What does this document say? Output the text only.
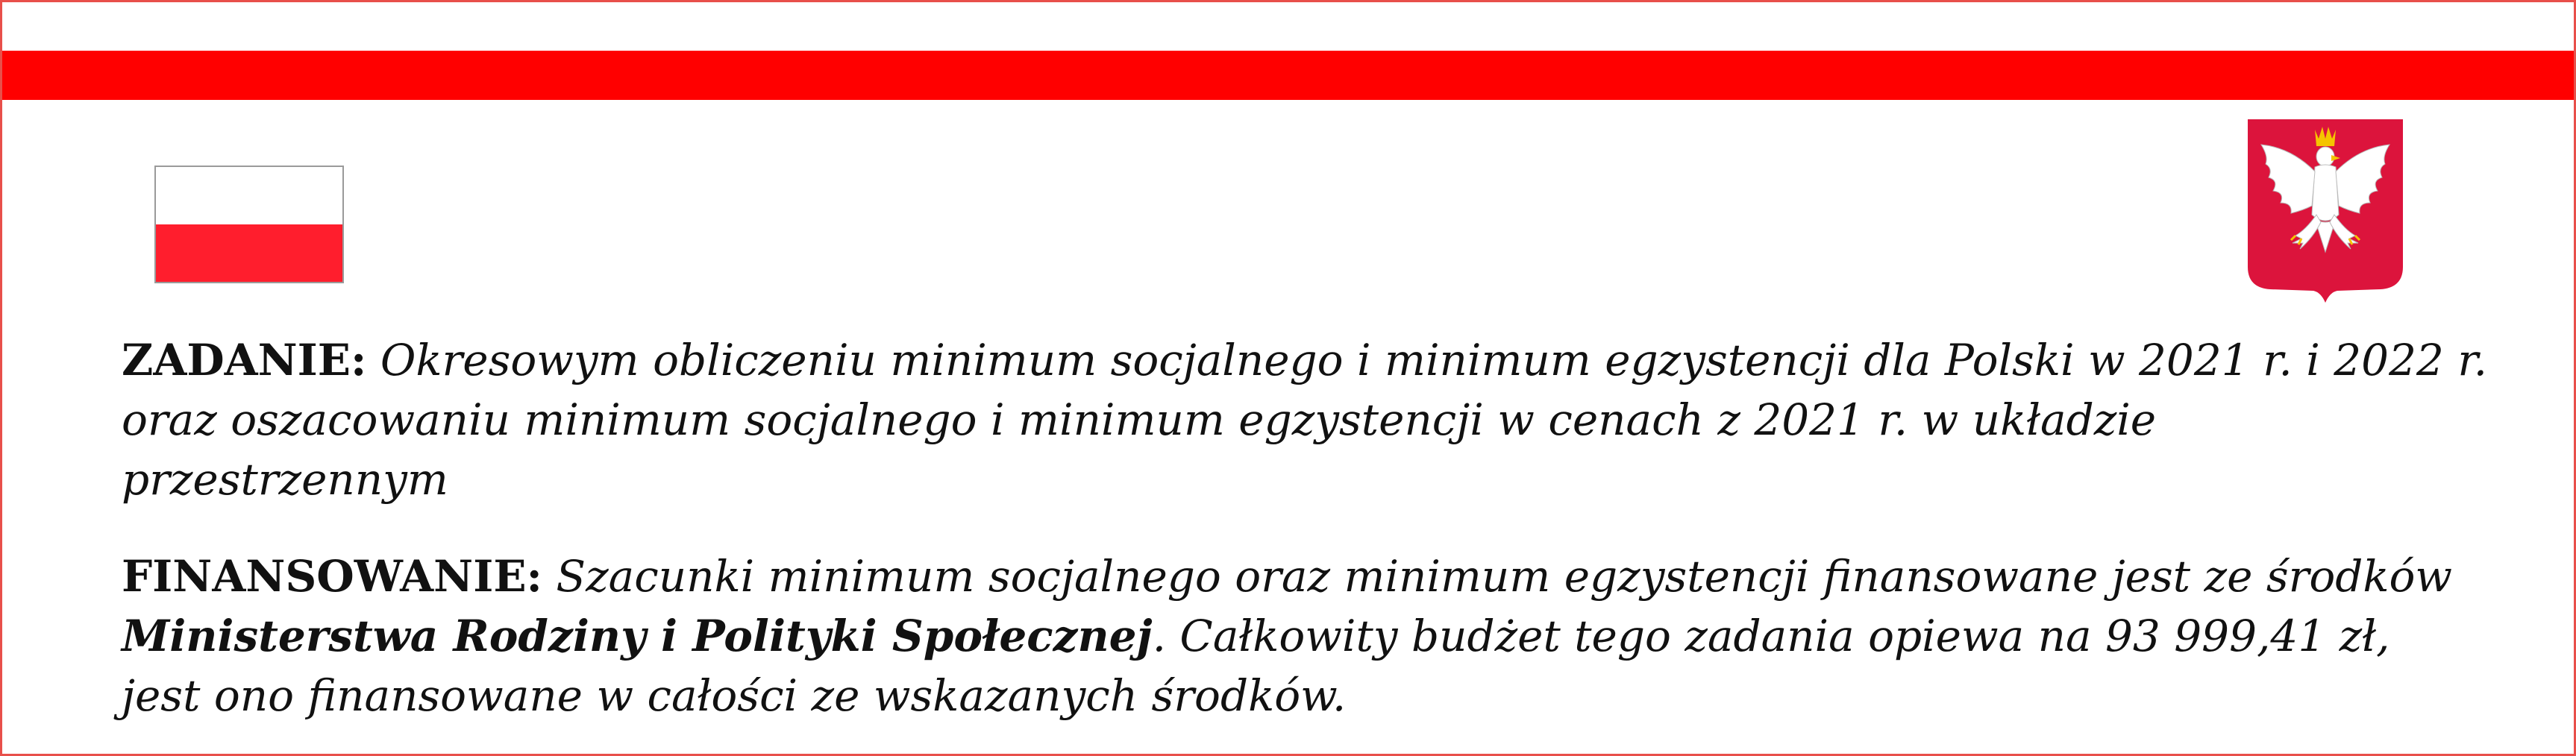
ZADANIE: Okresowym obliczeniu minimum socjalnego i minimum egzystencji dla Polski w 2021 r. i 2022 r.
oraz oszacowaniu minimum socjalnego i minimum egzystencji w cenach z 2021 r. w układzie przestrzennym

FINANSOWANIE: Szacunki minimum socjalnego oraz minimum egzystencji finansowane jest ze środków
Ministerstwa Rodziny i Polityki Społecznej. Całkowity budżet tego zadania opiewa na 93 999,41 zł,
jest ono finansowane w całości ze wskazanych środków.
